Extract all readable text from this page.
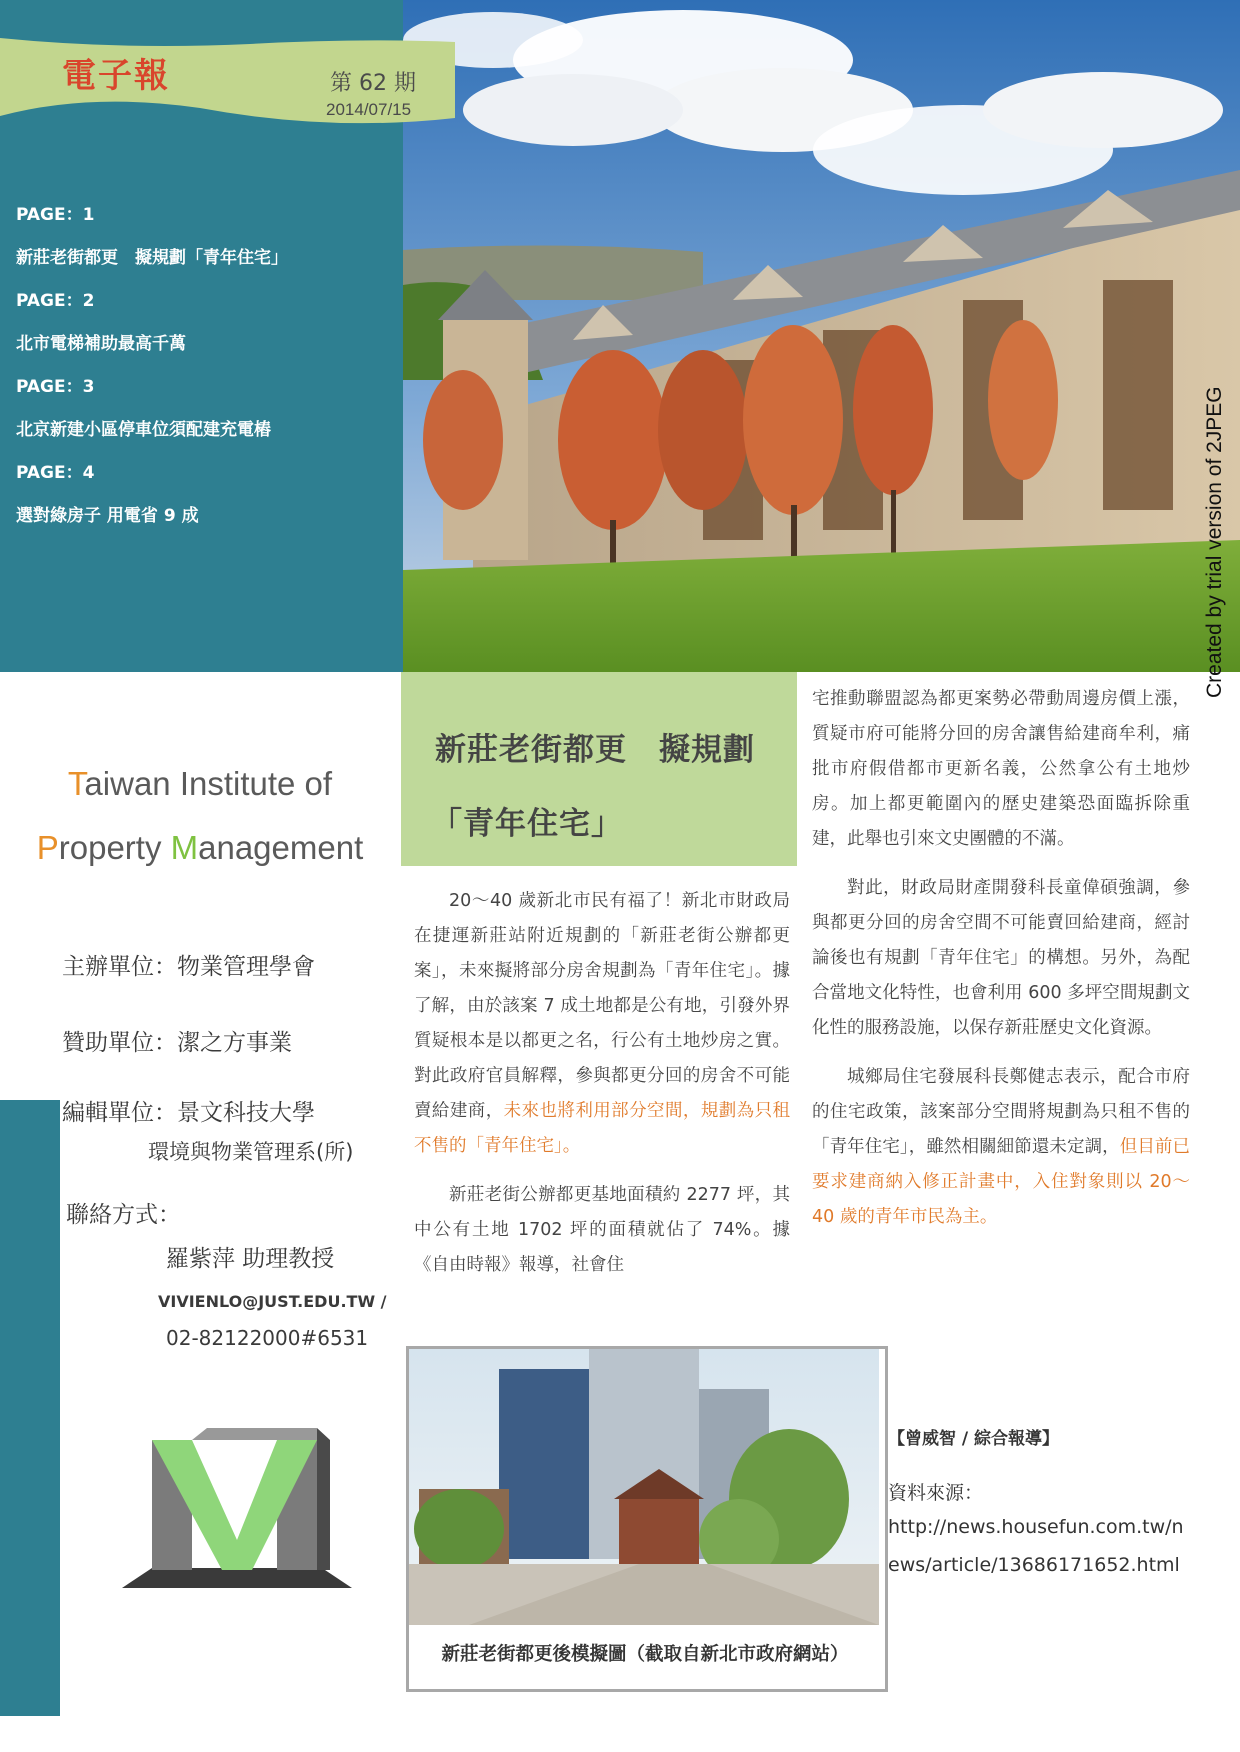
電子報	第 62 期
2014/07/15
PAGE：1
新莊老街都更　擬規劃「青年住宅」
PAGE：2
北市電梯補助最高千萬
PAGE：3
北京新建小區停車位須配建充電樁
PAGE：4
選對綠房子 用電省 9 成	Created by trial version of 2JPEG
Taiwan Institute of
Property Management
主辦單位：物業管理學會
贊助單位：潔之方事業
編輯單位：景文科技大學
環境與物業管理系(所)
聯絡方式：
羅紫萍 助理教授
VIVIENLO@JUST.EDU.TW /
02-82122000#6531
新莊老街都更　擬規劃
「青年住宅」

20～40 歲新北市民有福了！新北市財政局在捷運新莊站附近規劃的「新莊老街公辦都更案」，未來擬將部分房舍規劃為「青年住宅」。據了解，由於該案 7 成土地都是公有地，引發外界質疑根本是以都更之名，行公有土地炒房之實。對此政府官員解釋，參與都更分回的房舍不可能賣給建商，未來也將利用部分空間，規劃為只租不售的「青年住宅」。

新莊老街公辦都更基地面積約 2277 坪，其中公有土地 1702 坪的面積就佔了 74%。據《自由時報》報導，社會住

宅推動聯盟認為都更案勢必帶動周邊房價上漲，質疑市府可能將分回的房舍讓售給建商牟利，痛批市府假借都市更新名義，公然拿公有土地炒房。加上都更範圍內的歷史建築恐面臨拆除重建，此舉也引來文史團體的不滿。

對此，財政局財產開發科長童偉碩強調，參與都更分回的房舍空間不可能賣回給建商，經討論後也有規劃「青年住宅」的構想。另外，為配合當地文化特性，也會利用 600 多坪空間規劃文化性的服務設施，以保存新莊歷史文化資源。

城鄉局住宅發展科長鄭健志表示，配合市府的住宅政策，該案部分空間將規劃為只租不售的「青年住宅」，雖然相關細節還未定調，但目前已要求建商納入修正計畫中，入住對象則以 20～40 歲的青年市民為主。

新莊老街都更後模擬圖（截取自新北市政府網站）
【曾威智 / 綜合報導】
資料來源：
http://news.housefun.com.tw/n
ews/article/13686171652.html
